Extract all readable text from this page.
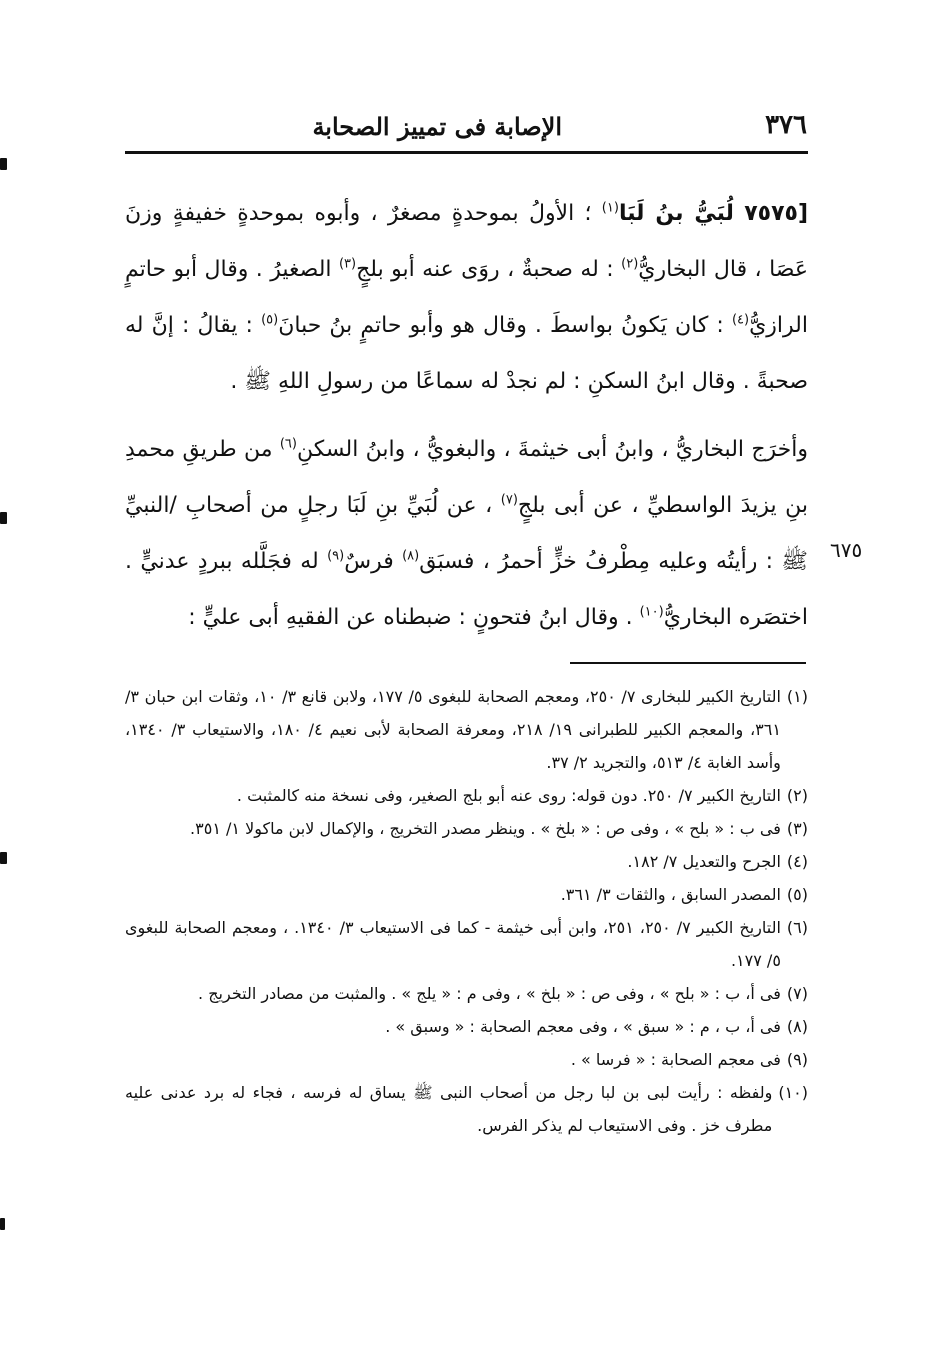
٣٧٦
الإصابة فى تمييز الصحابة

[٧٥٧٥ لُبَيُّ بنُ لَبَا$^{(١)}$ ؛ الأولُ بموحدةٍ مصغرٌ ، وأبوه بموحدةٍ خفيفةٍ وزنَ عَصَا ، قال البخاريُّ$^{(٢)}$ : له صحبةٌ ، روَى عنه أبو بلجٍ$^{(٣)}$ الصغيرُ . وقال أبو حاتمٍ الرازيُّ$^{(٤)}$ : كان يَكونُ بواسطَ . وقال هو وأبو حاتمٍ بنُ حبانَ$^{(٥)}$ : يقالُ : إنَّ له صحبةً . وقال ابنُ السكنِ : لم نجدْ له سماعًا من رسولِ اللهِ ﷺ .

وأخرَج البخاريُّ ، وابنُ أبى خيثمةَ ، والبغويُّ ، وابنُ السكنِ$^{(٦)}$ من طريقِ محمدِ بنِ يزيدَ الواسطيِّ ، عن أبى بلجٍ$^{(٧)}$ ، عن لُبَيِّ بنِ لَبَا رجلٍ من أصحابِ /النبيِّ ﷺ : رأيتُه وعليه مِطْرفُ خزٍّ أحمرُ ، فسبَق$^{(٨)}$ فرسٌ$^{(٩)}$ له فجَلَّله ببردٍ عدنيٍّ . اختصَره البخاريُّ$^{(١٠)}$ . وقال ابنُ فتحونٍ : ضبطناه عن الفقيهِ أبى عليٍّ :

٦٧٥
(١)
التاريخ الكبير للبخارى ٧/ ٢٥٠، ومعجم الصحابة للبغوى ٥/ ١٧٧، ولابن قانع ٣/ ١٠، وثقات ابن حبان ٣/ ٣٦١، والمعجم الكبير للطبرانى ١٩/ ٢١٨، ومعرفة الصحابة لأبى نعيم ٤/ ١٨٠، والاستيعاب ٣/ ١٣٤٠، وأسد الغابة ٤/ ٥١٣، والتجريد ٢/ ٣٧.
(٢)
التاريخ الكبير ٧/ ٢٥٠. دون قوله: روى عنه أبو بلج الصغير، وفى نسخة منه كالمثبت .
(٣)
فى ب : « بلح » ، وفى ص : « بلخ » . وينظر مصدر التخريج ، والإكمال لابن ماكولا ١/ ٣٥١.
(٤)
الجرح والتعديل ٧/ ١٨٢.
(٥)
المصدر السابق ، والثقات ٣/ ٣٦١.
(٦)
التاريخ الكبير ٧/ ٢٥٠، ٢٥١، وابن أبى خيثمة - كما فى الاستيعاب ٣/ ١٣٤٠. ، ومعجم الصحابة للبغوى ٥/ ١٧٧.
(٧)
فى أ، ب : « بلح » ، وفى ص : « بلخ » ، وفى م : « يلج » . والمثبت من مصادر التخريج .
(٨)
فى أ، ب ، م : « سبق » ، وفى معجم الصحابة : « وسبق » .
(٩)
فى معجم الصحابة : « فرسا » .
(١٠)
ولفظه : رأيت لبى بن لبا رجل من أصحاب النبى ﷺ يساق له فرسه ، فجاء له برد عدنى عليه مطرف خز . وفى الاستيعاب لم يذكر الفرس.
